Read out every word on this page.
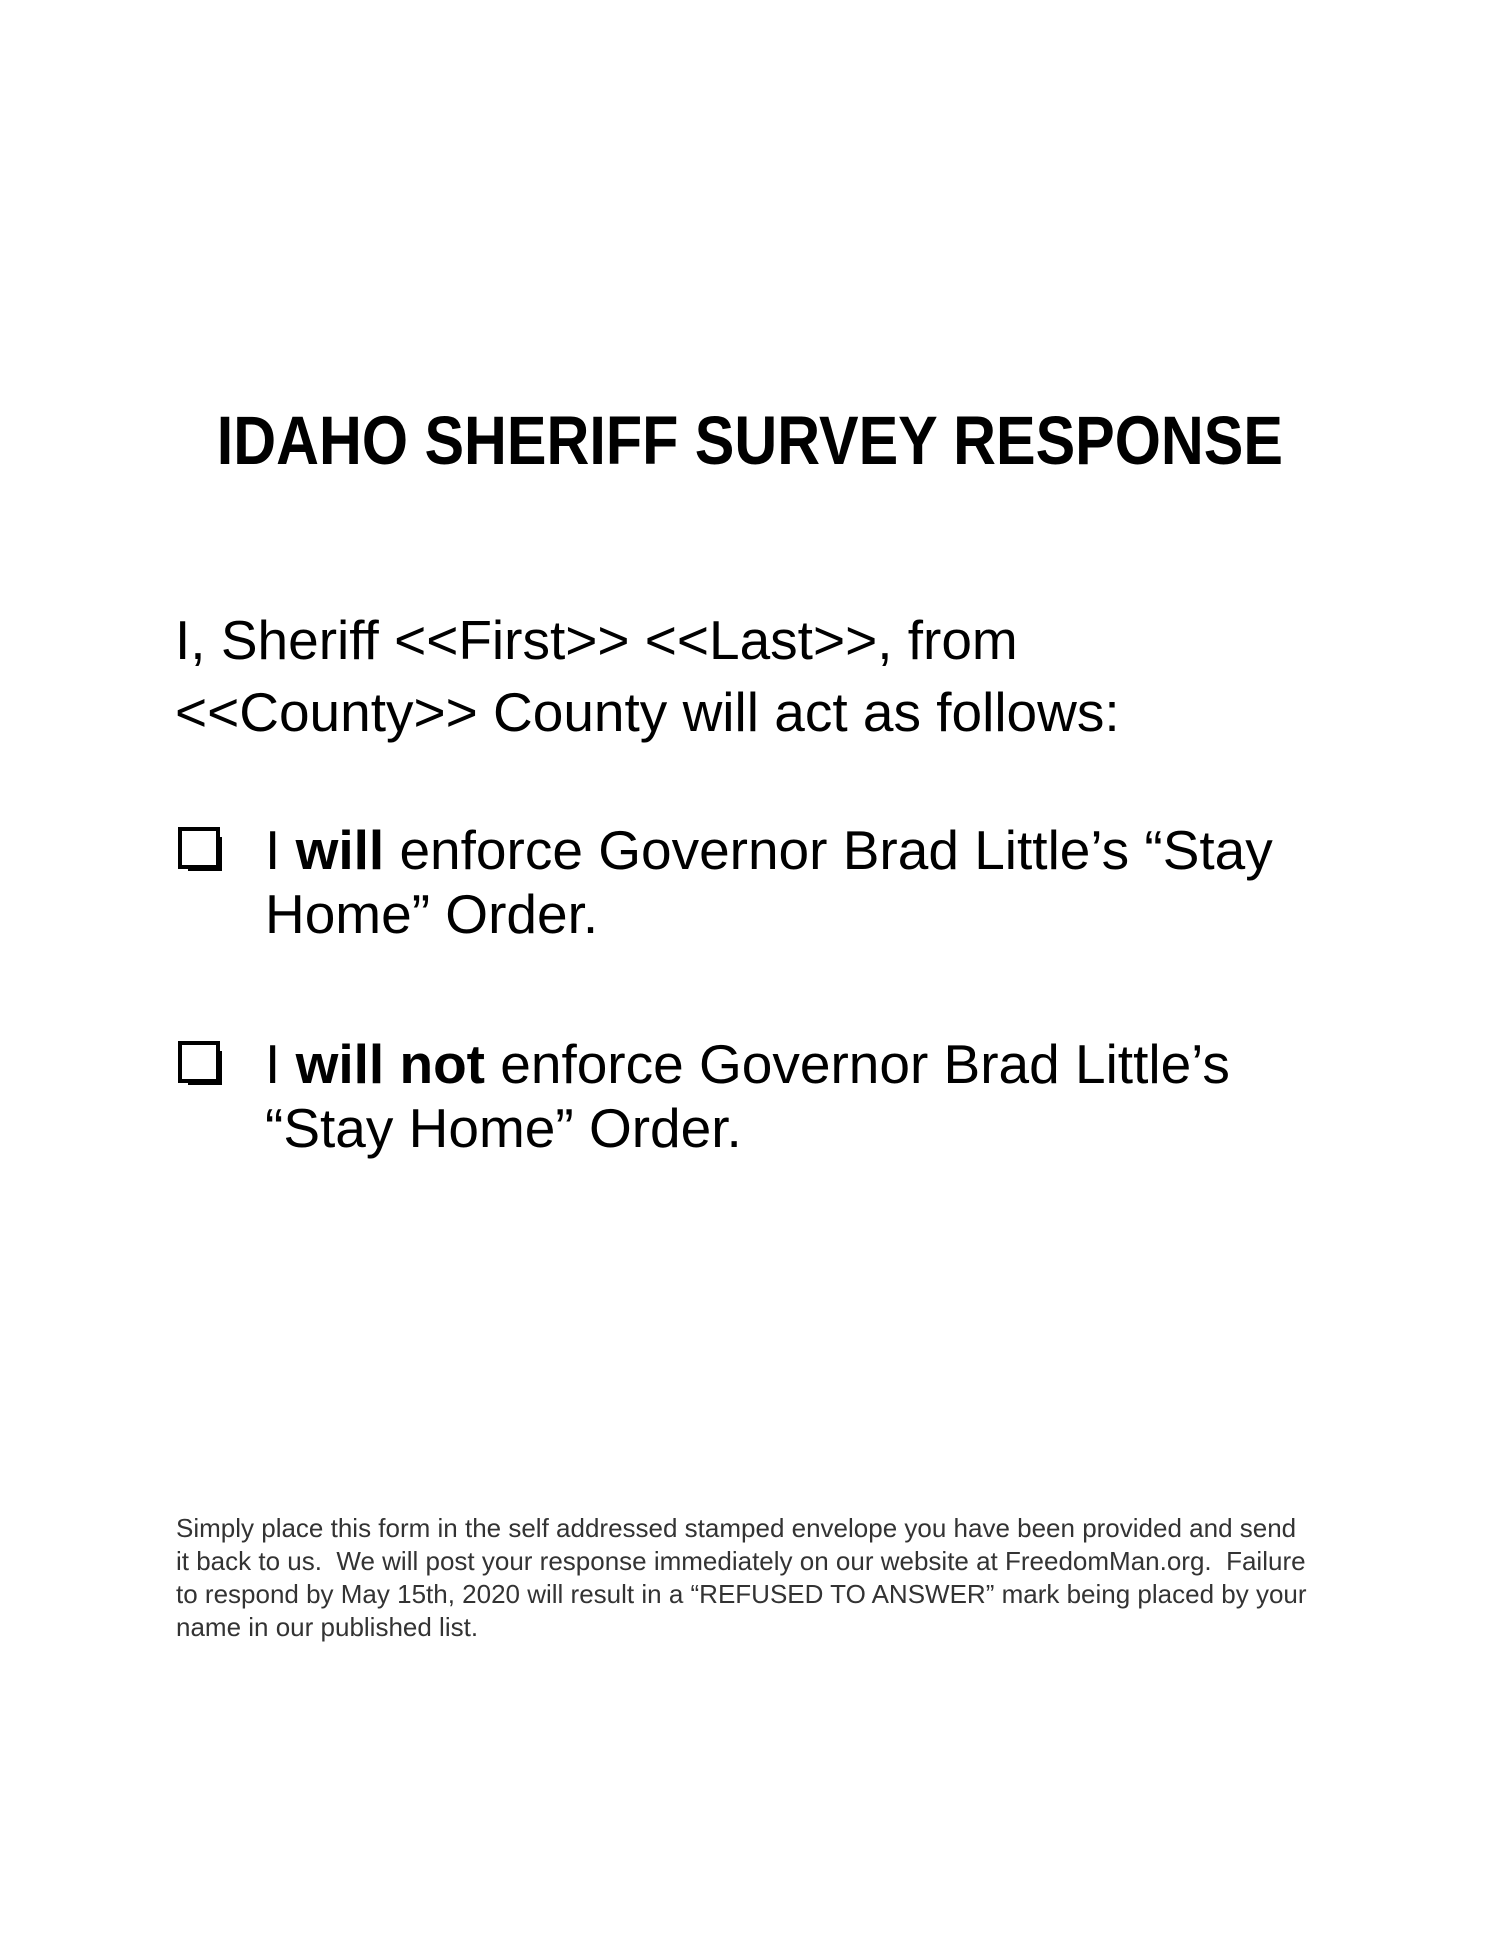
IDAHO SHERIFF SURVEY RESPONSE

I, Sheriff <<First>> <<Last>>, from
<<County>> County will act as follows:

I will enforce Governor Brad Little’s “Stay
Home” Order.
I will not enforce Governor Brad Little’s
“Stay Home” Order.

Simply place this form in the self addressed stamped envelope you have been provided and send
it back to us.  We will post your response immediately on our website at FreedomMan.org.  Failure
to respond by May 15th, 2020 will result in a “REFUSED TO ANSWER” mark being placed by your
name in our published list.
